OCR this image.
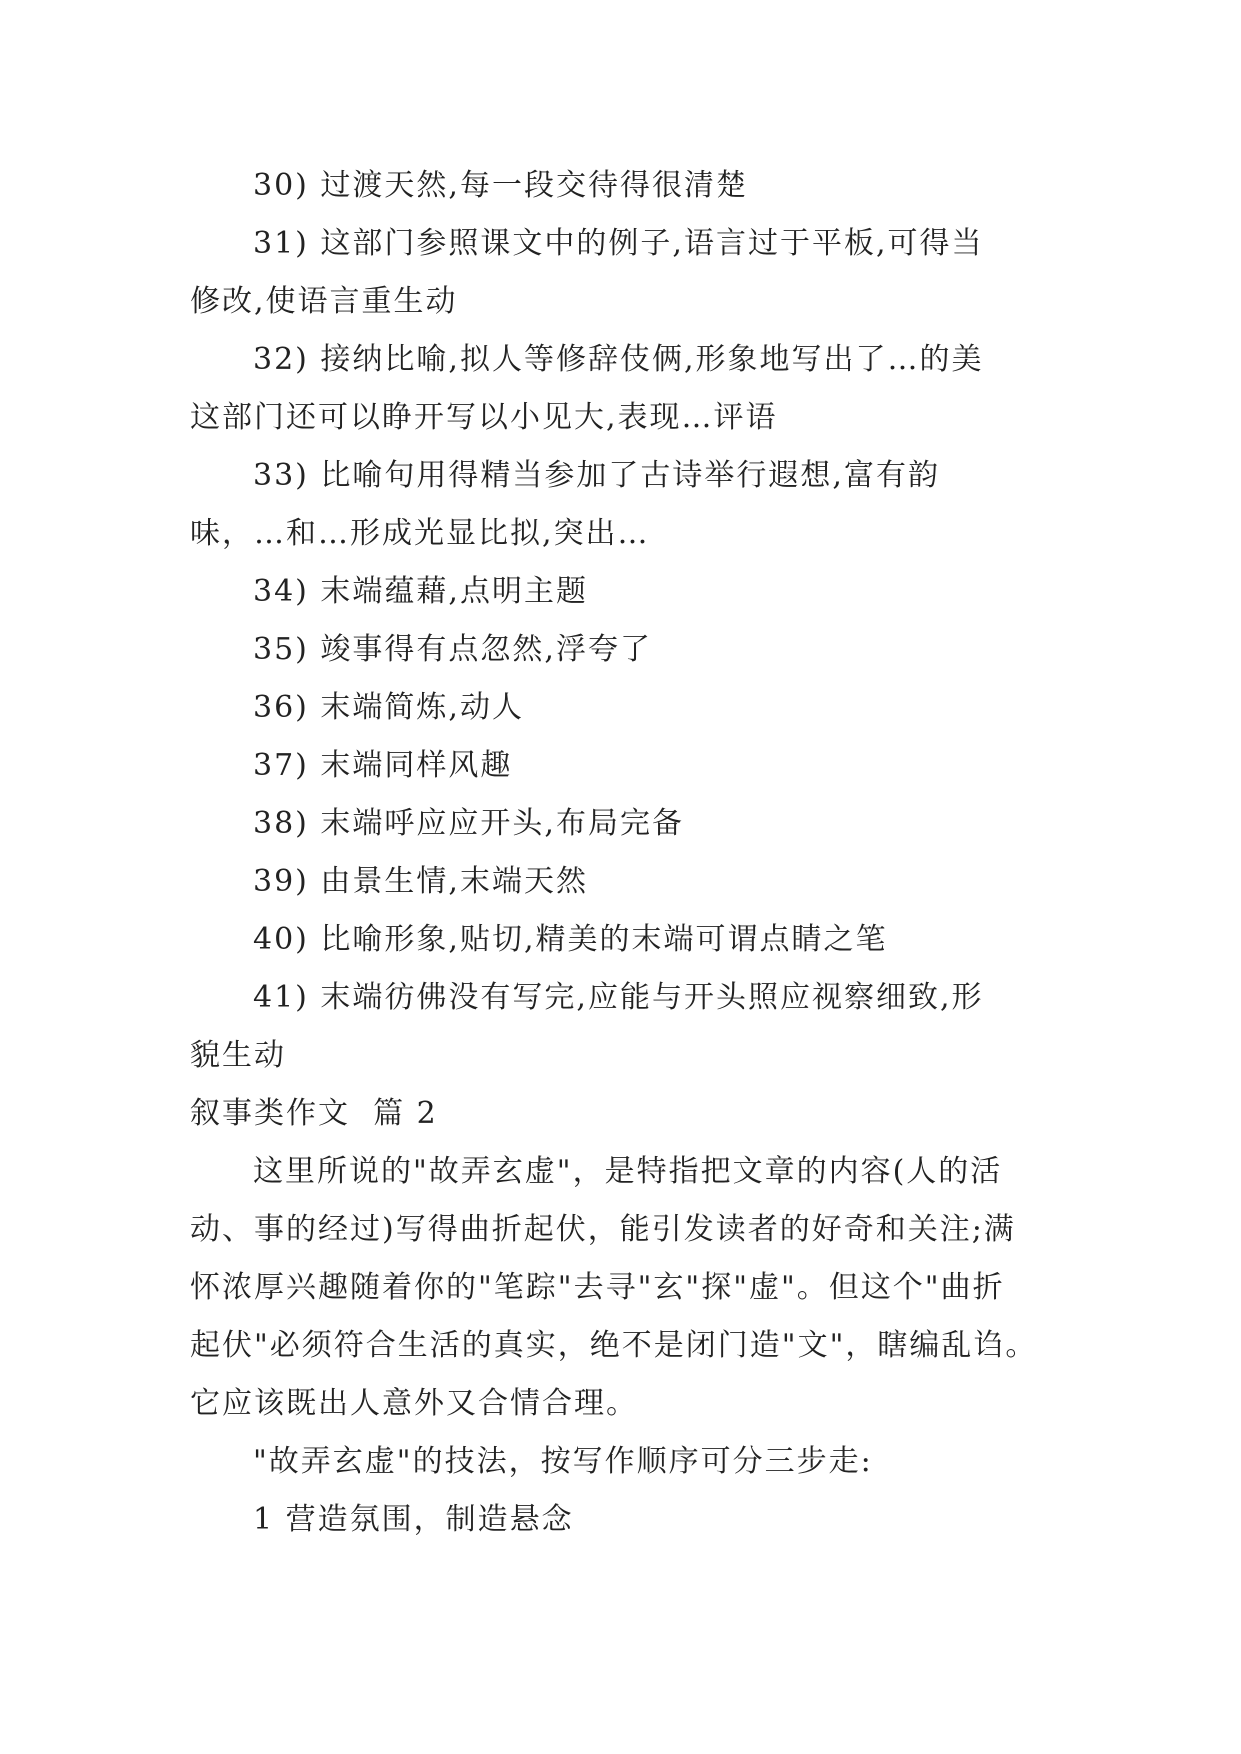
30) 过渡天然,每一段交待得很清楚
31) 这部门参照课文中的例子,语言过于平板,可得当
修改,使语言重生动
32) 接纳比喻,拟人等修辞伎俩,形象地写出了…的美
这部门还可以睁开写以小见大,表现…评语
33) 比喻句用得精当参加了古诗举行遐想,富有韵
味，…和…形成光显比拟,突出…
34) 末端蕴藉,点明主题
35) 竣事得有点忽然,浮夸了
36) 末端简炼,动人
37) 末端同样风趣
38) 末端呼应应开头,布局完备
39) 由景生情,末端天然
40) 比喻形象,贴切,精美的末端可谓点睛之笔
41) 末端彷佛没有写完,应能与开头照应视察细致,形
貌生动
叙事类作文  篇 2
这里所说的"故弄玄虚"，是特指把文章的内容(人的活
动、事的经过)写得曲折起伏，能引发读者的好奇和关注;满
怀浓厚兴趣随着你的"笔踪"去寻"玄"探"虚"。但这个"曲折
起伏"必须符合生活的真实，绝不是闭门造"文"，瞎编乱诌。
它应该既出人意外又合情合理。
"故弄玄虚"的技法，按写作顺序可分三步走:
1 营造氛围，制造悬念
